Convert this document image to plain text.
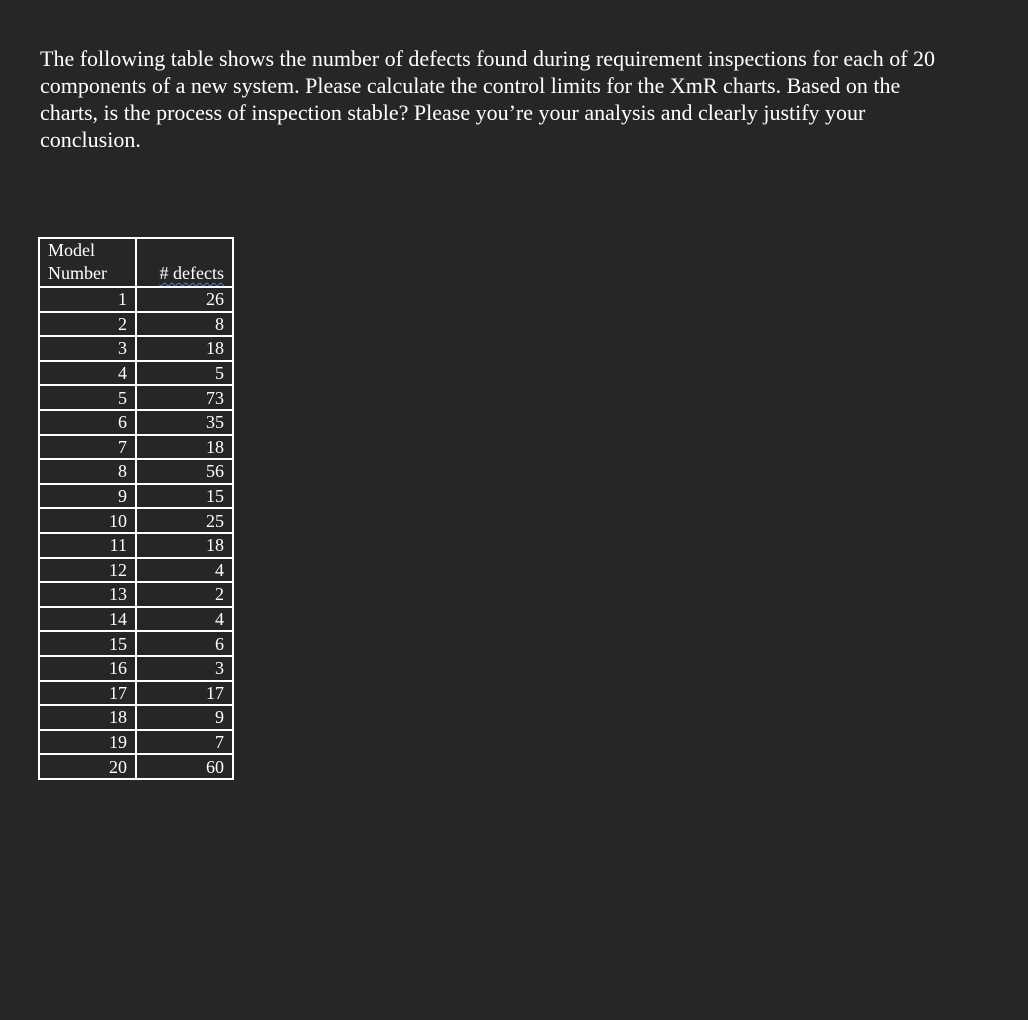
The following table shows the number of defects found during requirement inspections for each of 20 components of a new system. Please calculate the control limits for the XmR charts. Based on the charts, is the process of inspection stable? Please you’re your analysis and clearly justify your conclusion.

Model Number	# defects
1	26
2	8
3	18
4	5
5	73
6	35
7	18
8	56
9	15
10	25
11	18
12	4
13	2
14	4
15	6
16	3
17	17
18	9
19	7
20	60
